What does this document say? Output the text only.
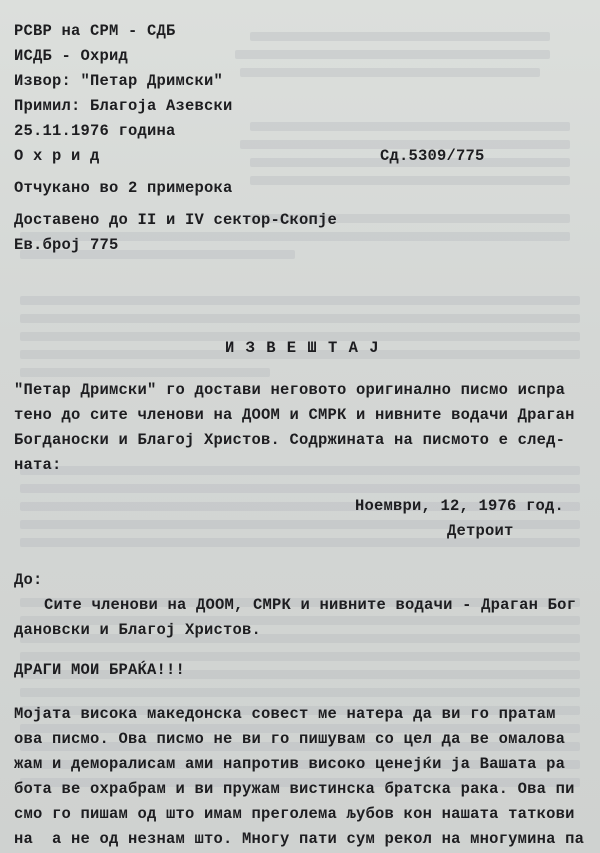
РСВР на СРМ - СДБ
ИСДБ - Охрид
Извор: "Петар Дримски"
Примил: Благоја Азевски
25.11.1976 година
О х р и д	Сд.5309/775
Отчукано во 2 примерока
Доставено до II и IV сектор-Скопје
Ев.број 775
И З В Е Ш Т А Ј
"Петар Дримски" го достави неговото оригинално писмо испра
тено до сите членови на ДООМ и СМРК и нивните водачи Драган
Богданоски и Благој Христов. Содржината на писмото е след-
ната:
Ноември, 12, 1976 год.
Детроит
До:
Сите членови на ДООМ, СМРК и нивните водачи - Драган Бог
дановски и Благој Христов.
ДРАГИ МОИ БРАЌА!!!
Мојата висока македонска совест ме натера да ви го пратам
ова писмо. Ова писмо не ви го пишувам со цел да ве омалова
жам и деморалисам ами напротив високо ценејќи ја Вашата ра
бота ве охрабрам и ви пружам вистинска братска рака. Ова пи
смо го пишам од што имам преголема љубов кон нашата таткови
на  а не од незнам што. Многу пати сум рекол на многумина па
